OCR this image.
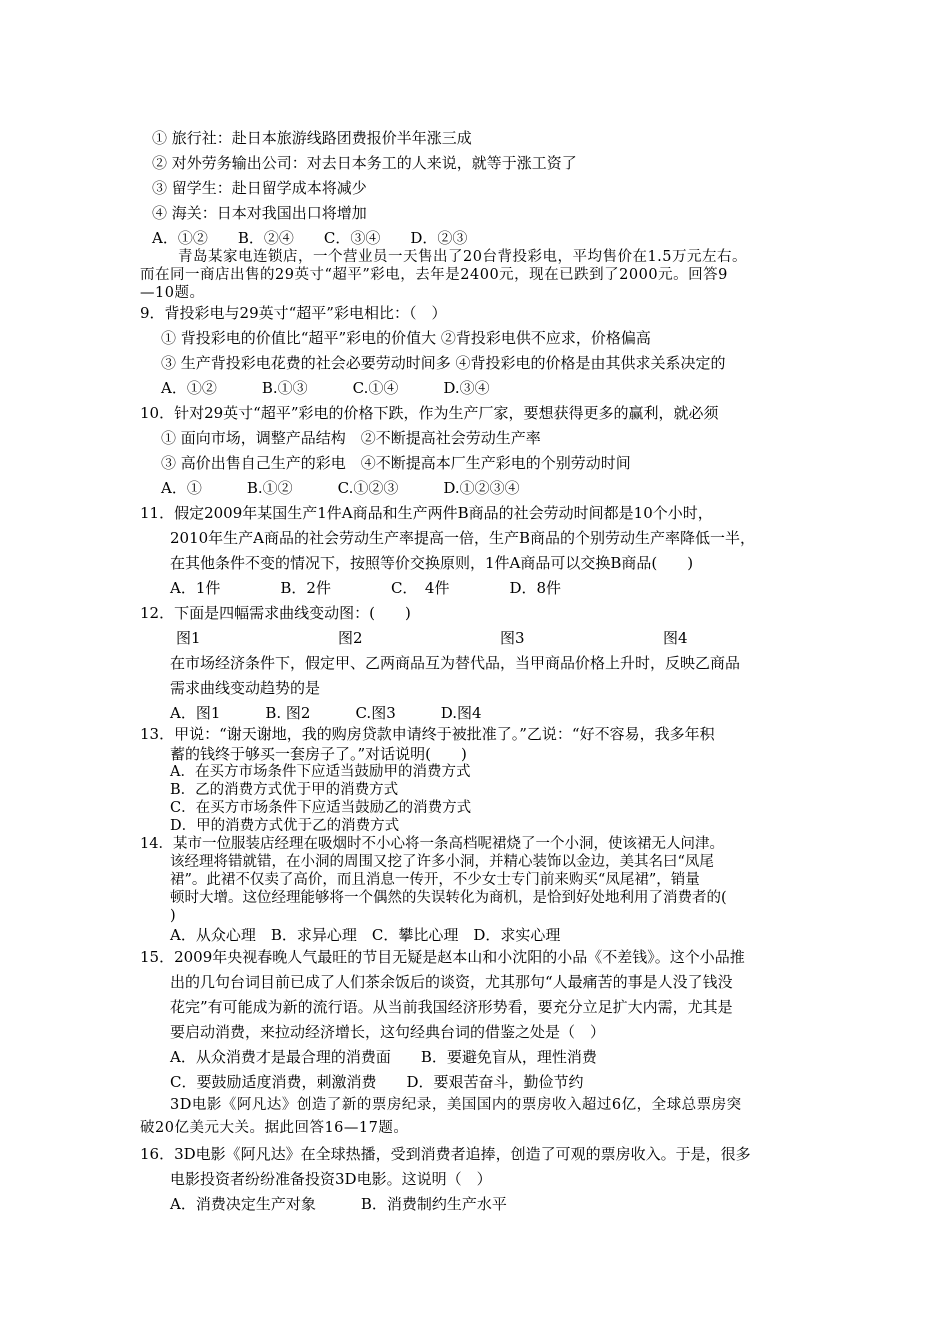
① 旅行社：赴日本旅游线路团费报价半年涨三成
② 对外劳务输出公司：对去日本务工的人来说，就等于涨工资了
③ 留学生：赴日留学成本将减少
④ 海关：日本对我国出口将增加
A．①②　　B．②④　　C．③④　　D．②③
青岛某家电连锁店，一个营业员一天售出了20台背投彩电，平均售价在1.5万元左右。
而在同一商店出售的29英寸“超平”彩电，去年是2400元，现在已跌到了2000元。回答9
—10题。
9．背投彩电与29英寸“超平”彩电相比：（　）
① 背投彩电的价值比“超平”彩电的价值大 ②背投彩电供不应求，价格偏高
③ 生产背投彩电花费的社会必要劳动时间多 ④背投彩电的价格是由其供求关系决定的
A．①②　　　B.①③　　　C.①④　　　D.③④
10．针对29英寸“超平”彩电的价格下跌，作为生产厂家，要想获得更多的赢利，就必须
① 面向市场，调整产品结构　②不断提高社会劳动生产率
③ 高价出售自己生产的彩电　④不断提高本厂生产彩电的个别劳动时间
A．①　　　B.①②　　　C.①②③　　　D.①②③④
11．假定2009年某国生产1件A商品和生产两件B商品的社会劳动时间都是10个小时，
2010年生产A商品的社会劳动生产率提高一倍，生产B商品的个别劳动生产率降低一半，
在其他条件不变的情况下，按照等价交换原则，1件A商品可以交换B商品(　　)
A．1件　　　　B．2件　　　　C．　4件　　　　D．8件
12．下面是四幅需求曲线变动图：(　　)
图1	图2	图3	图4
在市场经济条件下，假定甲、乙两商品互为替代品，当甲商品价格上升时，反映乙商品
需求曲线变动趋势的是
A．图1　　　B. 图2　　　C.图3　　　D.图4
13．甲说：“谢天谢地，我的购房贷款申请终于被批准了。”乙说：“好不容易，我多年积
蓄的钱终于够买一套房子了。”对话说明(　　)
A．在买方市场条件下应适当鼓励甲的消费方式
B．乙的消费方式优于甲的消费方式
C．在买方市场条件下应适当鼓励乙的消费方式
D．甲的消费方式优于乙的消费方式
14．某市一位服装店经理在吸烟时不小心将一条高档呢裙烧了一个小洞，使该裙无人问津。
该经理将错就错，在小洞的周围又挖了许多小洞，并精心装饰以金边，美其名曰“凤尾
裙”。此裙不仅卖了高价，而且消息一传开，不少女士专门前来购买“凤尾裙”，销量
顿时大增。这位经理能够将一个偶然的失误转化为商机，是恰到好处地利用了消费者的(
)
A．从众心理　B．求异心理　C．攀比心理　D．求实心理
15．2009年央视春晚人气最旺的节目无疑是赵本山和小沈阳的小品《不差钱》。这个小品推
出的几句台词目前已成了人们茶余饭后的谈资，尤其那句“人最痛苦的事是人没了钱没
花完”有可能成为新的流行语。从当前我国经济形势看，要充分立足扩大内需，尤其是
要启动消费，来拉动经济增长，这句经典台词的借鉴之处是（　）
A．从众消费才是最合理的消费面　　B．要避免盲从，理性消费
C．要鼓励适度消费，刺激消费　　D．要艰苦奋斗，勤俭节约
3D电影《阿凡达》创造了新的票房纪录，美国国内的票房收入超过6亿，全球总票房突
破20亿美元大关。据此回答16—17题。
16．3D电影《阿凡达》在全球热播，受到消费者追捧，创造了可观的票房收入。于是，很多
电影投资者纷纷准备投资3D电影。这说明（　）
A．消费决定生产对象　　　B．消费制约生产水平
